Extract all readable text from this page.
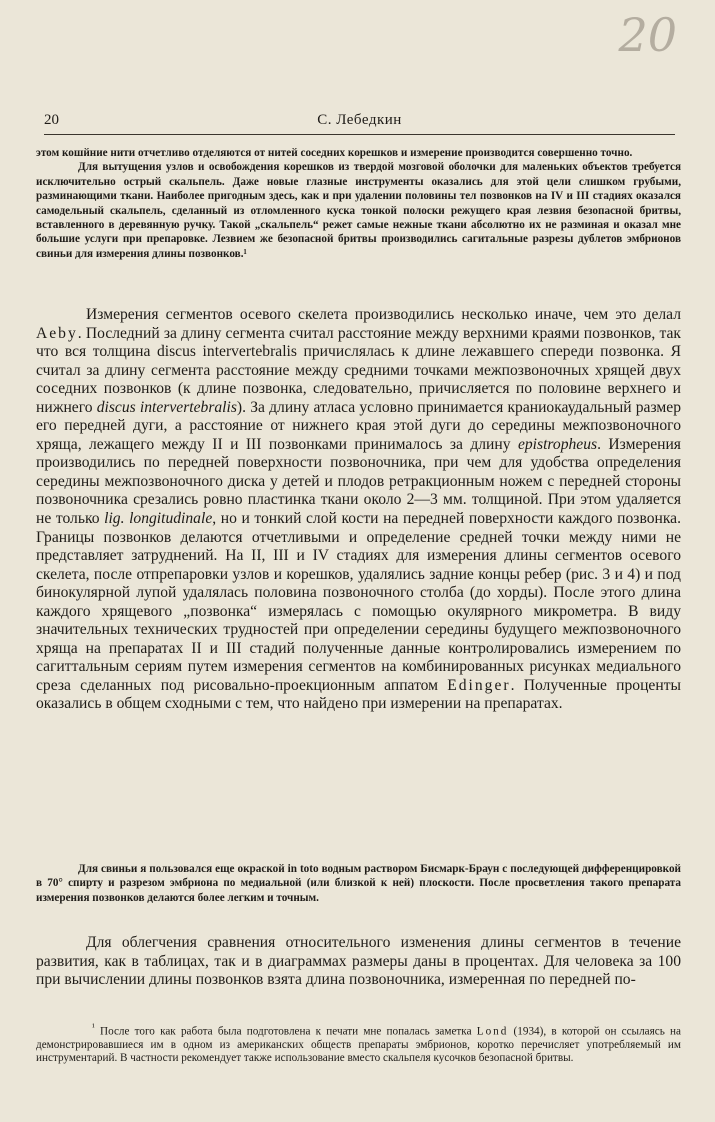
20
20	С. Лебедкин

этом кошйние нити отчетливо отделяются от нитей соседних корешков и измерение производится совершенно точно.

Для вытущения узлов и освобождения корешков из твердой мозговой оболочки для маленьких объектов требуется исключительно острый скальпель. Даже новые глазные инструменты оказались для этой цели слишком грубыми, разминающими ткани. Наиболее пригодным здесь, как и при удалении половины тел позвонков на IV и III стадиях оказался самодельный скальпель, сделанный из отломленного куска тонкой полоски режущего края лезвия безопасной бритвы, вставленного в деревянную ручку. Такой „скальпель“ режет самые нежные ткани абсолютно их не разминая и оказал мне большие услуги при препаровке. Лезвием же безопасной бритвы производились сагитальные разрезы дублетов эмбрионов свиньи для измерения длины позвонков.¹

Измерения сегментов осевого скелета производились несколько иначе, чем это делал Aeby. Последний за длину сегмента считал расстояние между верхними краями позвонков, так что вся толщина discus intervertebralis причислялась к длине лежавшего спереди позвонка. Я считал за длину сегмента расстояние между средними точками межпозвоночных хрящей двух соседних позвонков (к длине позвонка, следовательно, причисляется по половине верхнего и нижнего discus intervertebralis). За длину атласа условно принимается краниокаудальный размер его передней дуги, а расстояние от нижнего края этой дуги до середины межпозвоночного хряща, лежащего между II и III позвонками принималось за длину epistropheus. Измерения производились по передней поверхности позвоночника, при чем для удобства определения середины межпозвоночного диска у детей и плодов ретракционным ножем с передней стороны позвоночника срезались ровно пластинка ткани около 2—3 мм. толщиной. При этом удаляется не только lig. longitudinale, но и тонкий слой кости на передней поверхности каждого позвонка. Границы позвонков делаются отчетливыми и определение средней точки между ними не представляет затруднений. На II, III и IV стадиях для измерения длины сегментов осевого скелета, после отпрепаровки узлов и корешков, удалялись задние концы ребер (рис. 3 и 4) и под бинокулярной лупой удалялась половина позвоночного столба (до хорды). После этого длина каждого хрящевого „позвонка“ измерялась с помощью окулярного микрометра. В виду значительных технических трудностей при определении середины будущего межпозвоночного хряща на препаратах II и III стадий полученные данные контролировались измерением по сагиттальным сериям путем измерения сегментов на комбинированных рисунках медиального среза сделанных под рисовально-проекционным аппатом Edinger. Полученные проценты оказались в общем сходными с тем, что найдено при измерении на препаратах.

Для свиньи я пользовался еще окраской in toto водным раствором Бисмарк-Браун с последующей дифференцировкой в 70° спирту и разрезом эмбриона по медиальной (или близкой к ней) плоскости. После просветления такого препарата измерения позвонков делаются более легким и точным.

Для облегчения сравнения относительного изменения длины сегментов в течение развития, как в таблицах, так и в диаграммах размеры даны в процентах. Для человека за 100 при вычислении длины позвонков взята длина позвоночника, измеренная по передней по-

$^{^1}$ После того как работа была подготовлена к печати мне попалась заметка Lond (1934), в которой он ссылаясь на демонстрировавшиеся им в одном из американских обществ препараты эмбрионов, коротко перечисляет употребляемый им инструментарий. В частности рекомендует также использование вместо скальпеля кусочков безопасной бритвы.
